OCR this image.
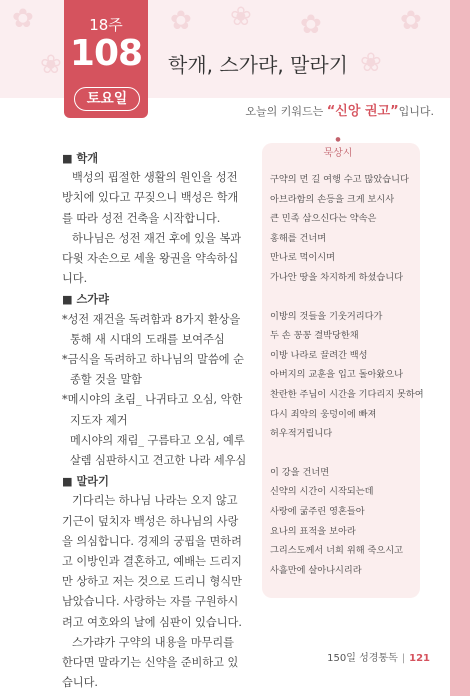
✿
❀
✿ ❀ ✿
❀
✿
18주
108
토요일
학개, 스가랴, 말라기
오늘의 키워드는 “신앙 권고”입니다.

■ 학개

백성의 핍절한 생활의 원인을 성전 방치에 있다고 꾸짖으니 백성은 학개를 따라 성전 건축을 시작합니다.

하나님은 성전 재건 후에 있을 복과 다윗 자손으로 세울 왕권을 약속하십니다.

■ 스가랴

*성전 재건을 독려함과 8가지 환상을 통해 새 시대의 도래를 보여주심

*금식을 독려하고 하나님의 말씀에 순종할 것을 말함

*메시야의 초림_ 나귀타고 오심, 악한 지도자 제거

메시야의 재림_ 구름타고 오심, 예루살렘 심판하시고 견고한 나라 세우심

■ 말라기

기다리는 하나님 나라는 오지 않고 기근이 덮치자 백성은 하나님의 사랑을 의심합니다. 경제의 궁핍을 면하려고 이방인과 결혼하고, 예배는 드리지만 상하고 저는 것으로 드리니 형식만 남았습니다. 사랑하는 자를 구원하시려고 여호와의 날에 심판이 있습니다.

스가랴가 구약의 내용을 마무리를 한다면 말라기는 신약을 준비하고 있습니다.

●
묵상시

구약의 먼 길 여행 수고 많았습니다

아브라함의 손등을 크게 보시사

큰 민족 삼으신다는 약속은

홍해를 건너며

만나로 먹이시며

가나안 땅을 차지하게 하셨습니다

이방의 것들을 기웃거리다가

두 손 꽁꽁 결박당한채

이방 나라로 끌려간 백성

아버지의 교훈을 입고 돌아왔으나

찬란한 주님이 시간을 기다리지 못하여

다시 죄악의 웅덩이에 빠져

허우적거립니다

이 강을 건너면

신약의 시간이 시작되는데

사랑에 굶주린 영혼들아

요나의 표적을 보아라

그리스도께서 너희 위해 죽으시고

사흘만에 살아나시리라

150일 성경통독 | 121
